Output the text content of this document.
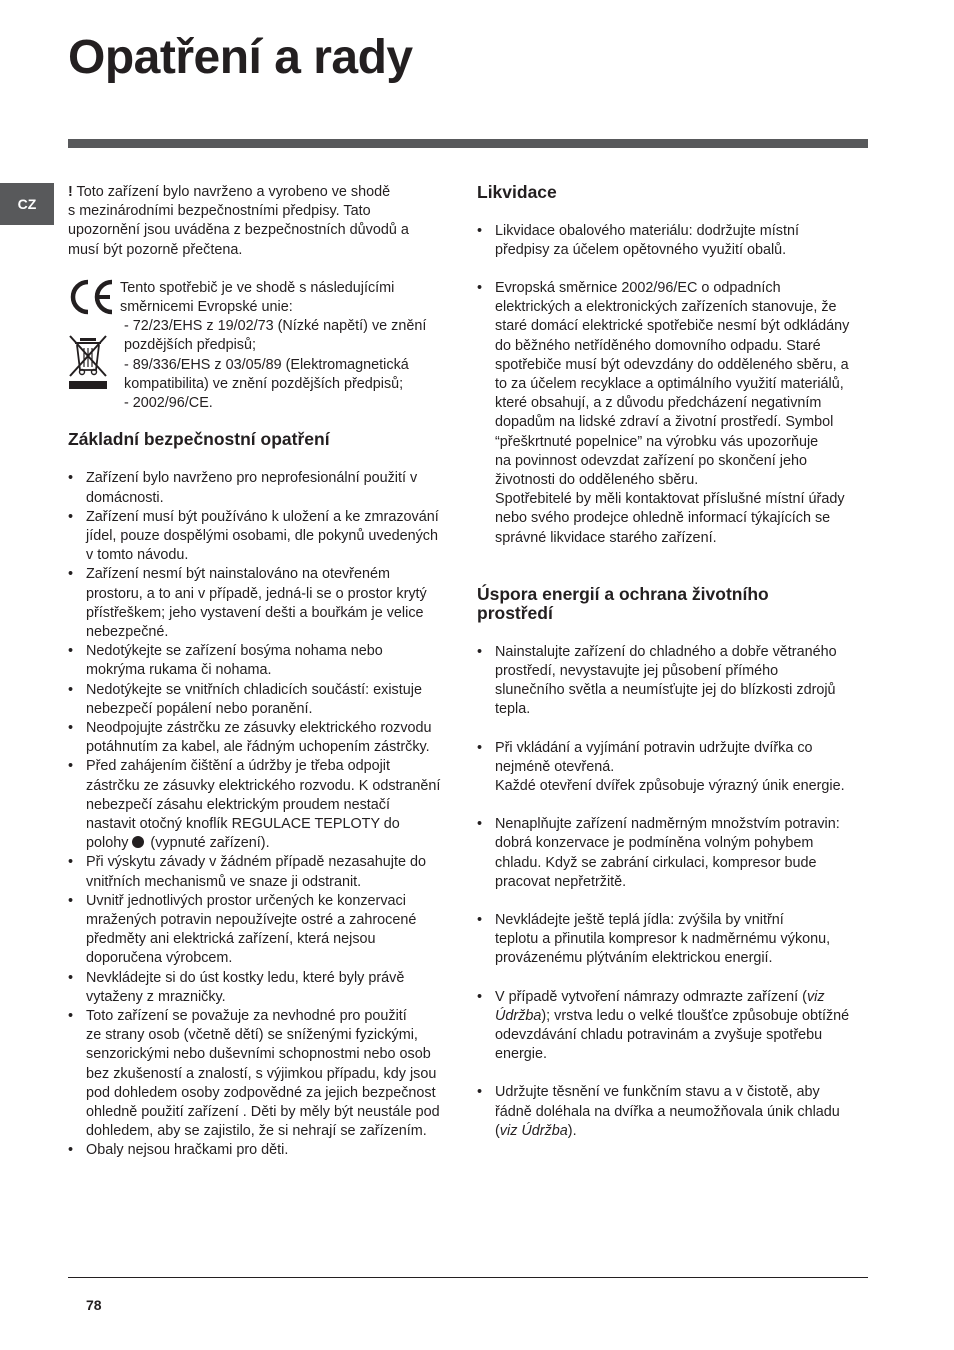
Opatření a rady
CZ

! Toto zařízení bylo navrženo a vyrobeno ve shodě
s mezinárodními bezpečnostními předpisy. Tato
upozornění jsou uváděna z bezpečnostních důvodů a
musí být pozorně přečtena.

Tento spotřebič je ve shodě s následujícími
směrnicemi Evropské unie:

- 72/23/EHS z 19/02/73 (Nízké napětí) ve znění
pozdějších předpisů;
- 89/336/EHS z 03/05/89 (Elektromagnetická
kompatibilita) ve znění pozdějších předpisů;
- 2002/96/CE.
Základní bezpečnostní opatření
• Zařízení bylo navrženo pro neprofesionální použití v
domácnosti.
• Zařízení musí být používáno k uložení a ke zmrazování
jídel, pouze dospělými osobami, dle pokynů uvedených
v tomto návodu.
• Zařízení nesmí být nainstalováno na otevřeném
prostoru, a to ani v případě, jedná-li se o prostor krytý
přístřeškem; jeho vystavení dešti a bouřkám je velice
nebezpečné.
• Nedotýkejte se zařízení bosýma nohama nebo
mokrýma rukama či nohama.
• Nedotýkejte se vnitřních chladicích součástí: existuje
nebezpečí popálení nebo poranění.
• Neodpojujte zástrčku ze zásuvky elektrického rozvodu
potáhnutím za kabel, ale řádným uchopením zástrčky.
• Před zahájením čištění a údržby je třeba odpojit
zástrčku ze zásuvky elektrického rozvodu. K odstranění
nebezpečí zásahu elektrickým proudem nestačí
nastavit otočný knoflík REGULACE TEPLOTY do
polohy  (vypnuté zařízení).
• Při výskytu závady v žádném případě nezasahujte do
vnitřních mechanismů ve snaze ji odstranit.
• Uvnitř jednotlivých prostor určených ke konzervaci
mražených potravin nepoužívejte ostré a zahrocené
předměty ani elektrická zařízení, která nejsou
doporučena výrobcem.
• Nevkládejte si do úst kostky ledu, které byly právě
vytaženy z mrazničky.
• Toto zařízení se považuje za nevhodné pro použití
ze strany osob (včetně dětí) se sníženými fyzickými,
senzorickými nebo duševními schopnostmi nebo osob
bez zkušeností a znalostí, s výjimkou případu, kdy jsou
pod dohledem osoby zodpovědné za jejich bezpečnost
ohledně použití zařízení . Děti by měly být neustále pod
dohledem, aby se zajistilo, že si nehrají se zařízením.
• Obaly nejsou hračkami pro děti.
Likvidace
• Likvidace obalového materiálu: dodržujte místní
předpisy za účelem opětovného využití obalů.
• Evropská směrnice 2002/96/EC o odpadních
elektrických a elektronických zařízeních stanovuje, že
staré domácí elektrické spotřebiče nesmí být odkládány
do běžného netříděného domovního odpadu. Staré
spotřebiče musí být odevzdány do odděleného sběru, a
to za účelem recyklace a optimálního využití materiálů,
které obsahují, a z důvodu předcházení negativním
dopadům na lidské zdraví a životní prostředí. Symbol
“přeškrtnuté popelnice” na výrobku vás upozorňuje
na povinnost odevzdat zařízení po skončení jeho
životnosti do odděleného sběru.
Spotřebitelé by měli kontaktovat příslušné místní úřady
nebo svého prodejce ohledně informací týkajících se
správné likvidace starého zařízení.
Úspora energií a ochrana životního
prostředí
• Nainstalujte zařízení do chladného a dobře větraného
prostředí, nevystavujte jej působení přímého
slunečního světla a neumísťujte jej do blízkosti zdrojů
tepla.
• Při vkládání a vyjímání potravin udržujte dvířka co
nejméně otevřená.
Každé otevření dvířek způsobuje výrazný únik energie.
• Nenaplňujte zařízení nadměrným množstvím potravin:
dobrá konzervace je podmíněna volným pohybem
chladu. Když se zabrání cirkulaci, kompresor bude
pracovat nepřetržitě.
• Nevkládejte ještě teplá jídla: zvýšila by vnitřní
teplotu a přinutila kompresor k nadměrnému výkonu,
provázenému plýtváním elektrickou energií.
• V případě vytvoření námrazy odmrazte zařízení (viz
Údržba); vrstva ledu o velké tloušťce způsobuje obtížné
odevzdávání chladu potravinám a zvyšuje spotřebu
energie.
• Udržujte těsnění ve funkčním stavu a v čistotě, aby
řádně doléhala na dvířka a neumožňovala únik chladu
(viz Údržba).
78
